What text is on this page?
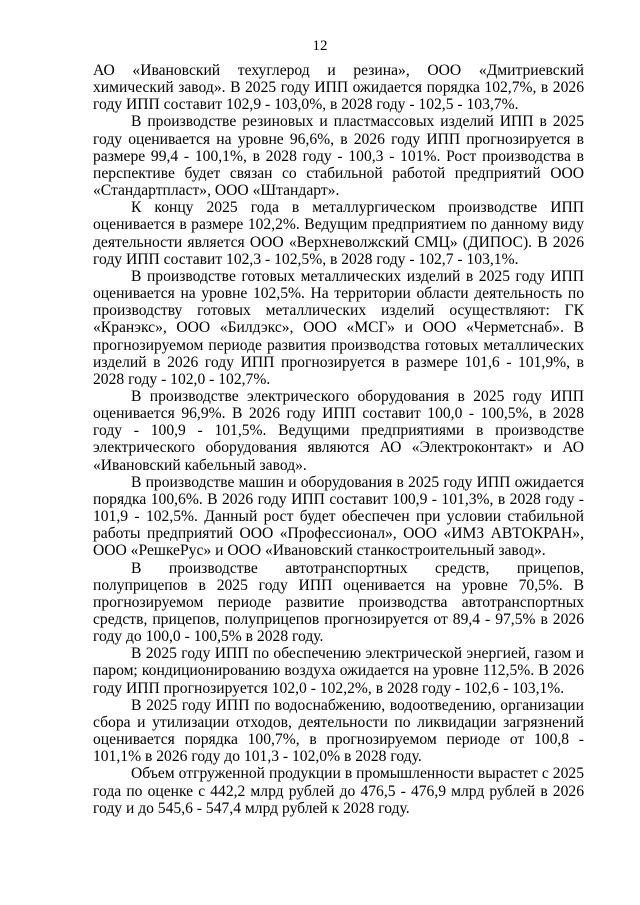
12

АО «Ивановский техуглерод и резина», ООО «Дмитриевский химический завод». В 2025 году ИПП ожидается порядка 102,7%, в 2026 году ИПП составит 102,9 - 103,0%, в 2028 году - 102,5 - 103,7%.

В производстве резиновых и пластмассовых изделий ИПП в 2025 году оценивается на уровне 96,6%, в 2026 году ИПП прогнозируется в размере 99,4 - 100,1%, в 2028 году - 100,3 - 101%. Рост производства в перспективе будет связан со стабильной работой предприятий ООО «Стандартпласт», ООО «Штандарт».

К концу 2025 года в металлургическом производстве ИПП оценивается в размере 102,2%. Ведущим предприятием по данному виду деятельности является ООО «Верхневолжский СМЦ» (ДИПОС). В 2026 году ИПП составит 102,3 - 102,5%, в 2028 году - 102,7 - 103,1%.

В производстве готовых металлических изделий в 2025 году ИПП оценивается на уровне 102,5%. На территории области деятельность по производству готовых металлических изделий осуществляют: ГК «Кранэкс», ООО «Билдэкс», ООО «МСГ» и ООО «Черметснаб». В прогнозируемом периоде развития производства готовых металлических изделий в 2026 году ИПП прогнозируется в размере 101,6 - 101,9%, в 2028 году - 102,0 - 102,7%.

В производстве электрического оборудования в 2025 году ИПП оценивается 96,9%. В 2026 году ИПП составит 100,0 - 100,5%, в 2028 году - 100,9 - 101,5%. Ведущими предприятиями в производстве электрического оборудования являются АО «Электроконтакт» и АО «Ивановский кабельный завод».

В производстве машин и оборудования в 2025 году ИПП ожидается порядка 100,6%. В 2026 году ИПП составит 100,9 - 101,3%, в 2028 году - 101,9 - 102,5%. Данный рост будет обеспечен при условии стабильной работы предприятий ООО «Профессионал», ООО «ИМЗ АВТОКРАН», ООО «РешкеРус» и ООО «Ивановский станкостроительный завод».

В производстве автотранспортных средств, прицепов, полуприцепов в 2025 году ИПП оценивается на уровне 70,5%. В прогнозируемом периоде развитие производства автотранспортных средств, прицепов, полуприцепов прогнозируется от 89,4 - 97,5% в 2026 году до 100,0 - 100,5% в 2028 году.

В 2025 году ИПП по обеспечению электрической энергией, газом и паром; кондиционированию воздуха ожидается на уровне 112,5%. В 2026 году ИПП прогнозируется 102,0 - 102,2%, в 2028 году - 102,6 - 103,1%.

В 2025 году ИПП по водоснабжению, водоотведению, организации сбора и утилизации отходов, деятельности по ликвидации загрязнений оценивается порядка 100,7%, в прогнозируемом периоде от 100,8 - 101,1% в 2026 году до 101,3 - 102,0% в 2028 году.

Объем отгруженной продукции в промышленности вырастет с 2025 года по оценке с 442,2 млрд рублей до 476,5 - 476,9 млрд рублей в 2026 году и до 545,6 - 547,4 млрд рублей к 2028 году.
